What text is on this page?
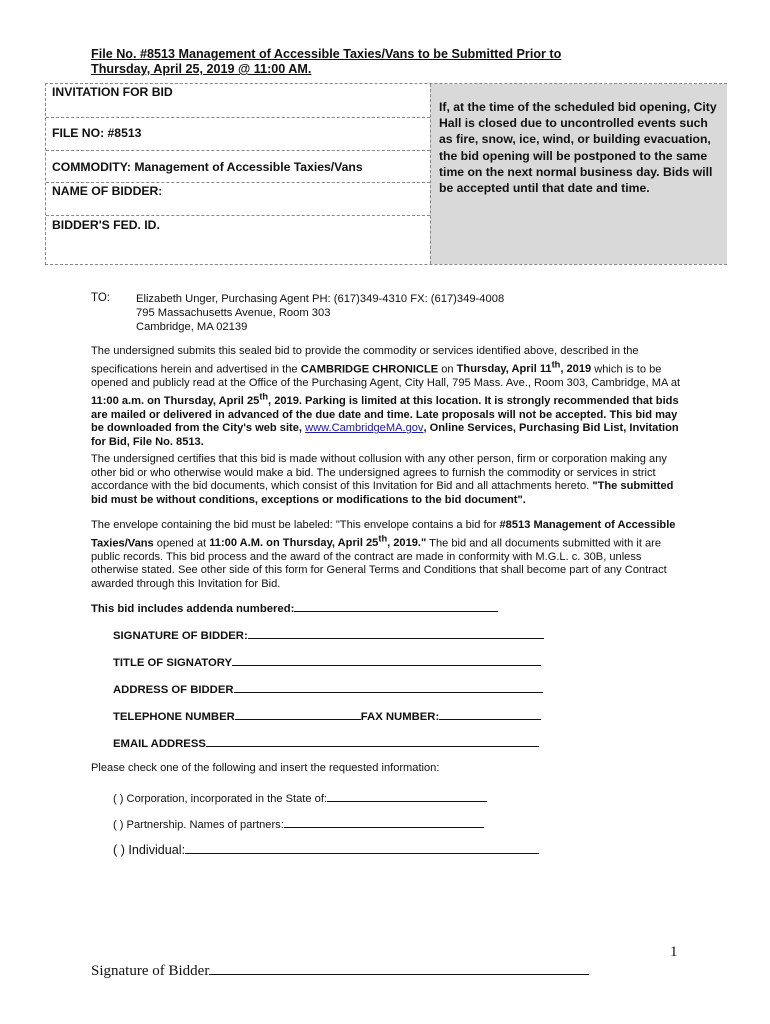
File No. #8513 Management of Accessible Taxies/Vans to be Submitted Prior to
Thursday, April 25, 2019 @ 11:00 AM.
INVITATION FOR BID
FILE NO: #8513
COMMODITY: Management of Accessible Taxies/Vans
NAME OF BIDDER:
BIDDER'S FED. ID.
If, at the time of the scheduled bid opening, City Hall is closed due to uncontrolled events such as fire, snow, ice, wind, or building evacuation, the bid opening will be postponed to the same time on the next normal business day. Bids will be accepted until that date and time.
TO: Elizabeth Unger, Purchasing Agent PH: (617)349-4310 FX: (617)349-4008
795 Massachusetts Avenue, Room 303
Cambridge, MA 02139
The undersigned submits this sealed bid to provide the commodity or services identified above, described in the specifications herein and advertised in the CAMBRIDGE CHRONICLE on Thursday, April 11th, 2019 which is to be opened and publicly read at the Office of the Purchasing Agent, City Hall, 795 Mass. Ave., Room 303, Cambridge, MA at 11:00 a.m. on Thursday, April 25th, 2019. Parking is limited at this location. It is strongly recommended that bids are mailed or delivered in advanced of the due date and time. Late proposals will not be accepted. This bid may be downloaded from the City's web site, www.CambridgeMA.gov, Online Services, Purchasing Bid List, Invitation for Bid, File No. 8513.
The undersigned certifies that this bid is made without collusion with any other person, firm or corporation making any other bid or who otherwise would make a bid. The undersigned agrees to furnish the commodity or services in strict accordance with the bid documents, which consist of this Invitation for Bid and all attachments hereto. "The submitted bid must be without conditions, exceptions or modifications to the bid document".
The envelope containing the bid must be labeled: "This envelope contains a bid for #8513 Management of Accessible Taxies/Vans opened at 11:00 A.M. on Thursday, April 25th, 2019." The bid and all documents submitted with it are public records. This bid process and the award of the contract are made in conformity with M.G.L. c. 30B, unless otherwise stated. See other side of this form for General Terms and Conditions that shall become part of any Contract awarded through this Invitation for Bid.
This bid includes addenda numbered:
SIGNATURE OF BIDDER:
TITLE OF SIGNATORY
ADDRESS OF BIDDER
TELEPHONE NUMBER	FAX NUMBER:
EMAIL ADDRESS
Please check one of the following and insert the requested information:
( ) Corporation, incorporated in the State of:
( ) Partnership. Names of partners:
( ) Individual:
1
Signature of Bidder
